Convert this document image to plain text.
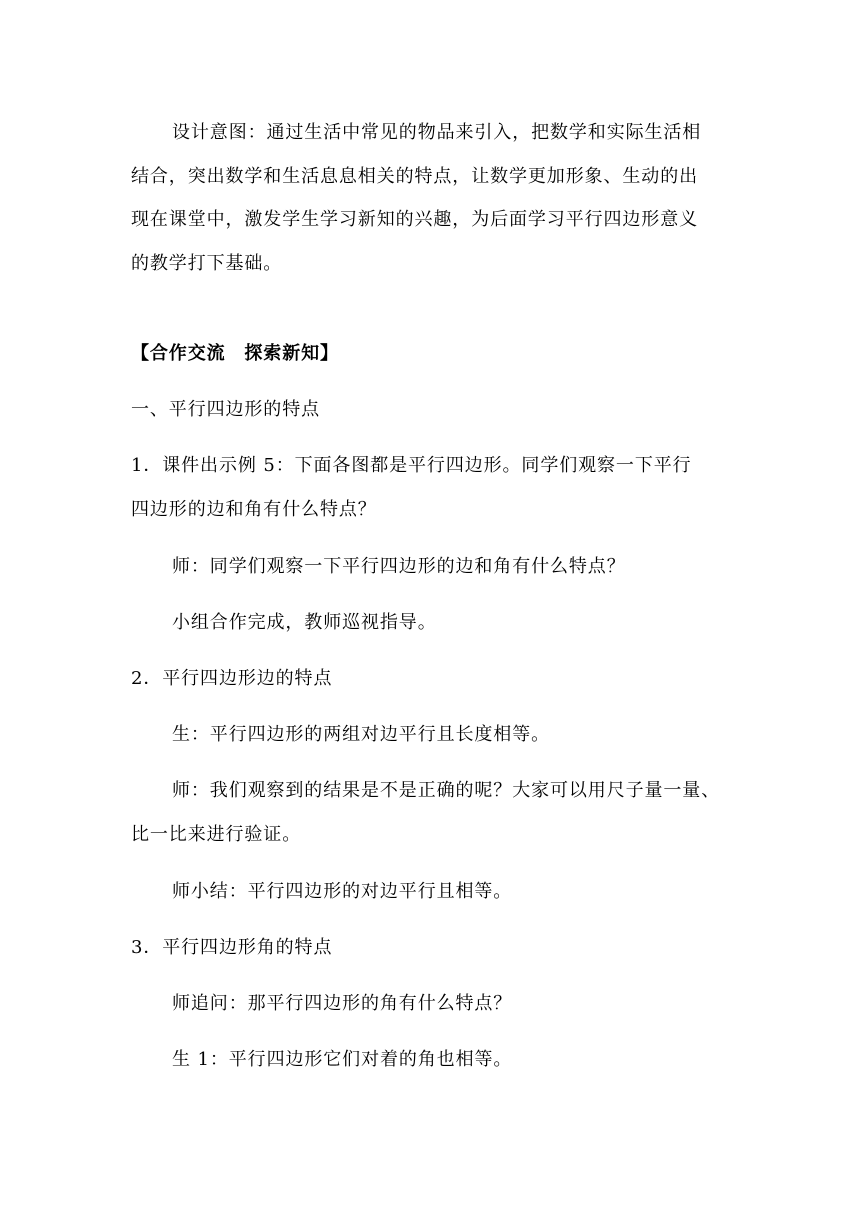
设计意图：通过生活中常见的物品来引入，把数学和实际生活相
结合，突出数学和生活息息相关的特点，让数学更加形象、生动的出
现在课堂中，激发学生学习新知的兴趣，为后面学习平行四边形意义
的教学打下基础。
【合作交流　探索新知】
一、平行四边形的特点
1．课件出示例 5：下面各图都是平行四边形。同学们观察一下平行
四边形的边和角有什么特点？
师：同学们观察一下平行四边形的边和角有什么特点？
小组合作完成，教师巡视指导。
2．平行四边形边的特点
生：平行四边形的两组对边平行且长度相等。
师：我们观察到的结果是不是正确的呢？大家可以用尺子量一量、
比一比来进行验证。
师小结：平行四边形的对边平行且相等。
3．平行四边形角的特点
师追问：那平行四边形的角有什么特点？
生 1：平行四边形它们对着的角也相等。
